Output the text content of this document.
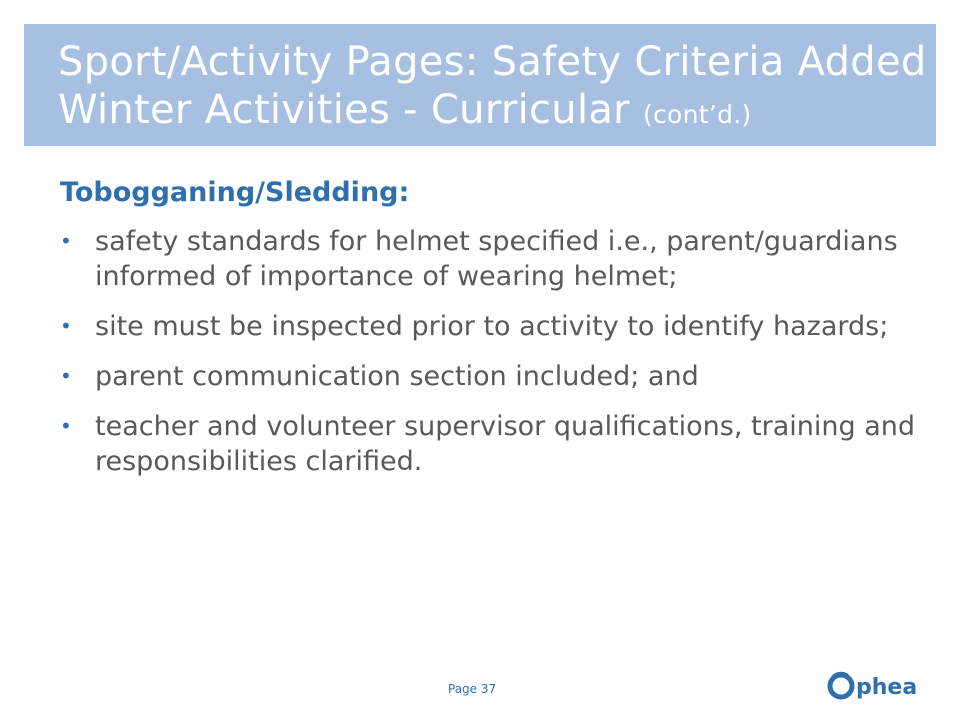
Sport/Activity Pages: Safety Criteria Added
Winter Activities - Curricular (cont’d.)
Tobogganing/Sledding:
• safety standards for helmet specified i.e., parent/guardians informed of importance of wearing helmet;
• site must be inspected prior to activity to identify hazards;
• parent communication section included; and
• teacher and volunteer supervisor qualifications, training and responsibilities clarified.
Page 37	phea
